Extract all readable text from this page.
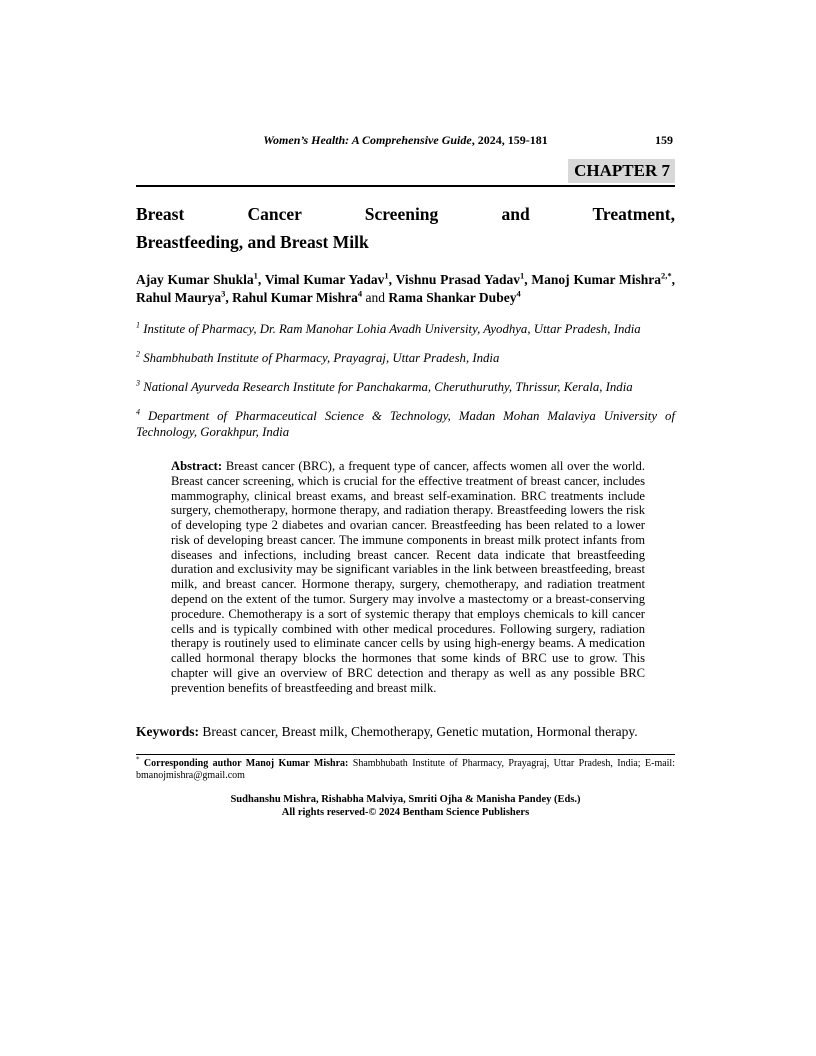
Women’s Health: A Comprehensive Guide, 2024, 159-181	159
CHAPTER 7
Breast Cancer Screening and Treatment,
Breastfeeding, and Breast Milk

Ajay Kumar Shukla$^1$, Vimal Kumar Yadav$^1$, Vishnu Prasad Yadav$^1$, Manoj Kumar Mishra$^{2,*}$, Rahul Maurya$^3$, Rahul Kumar Mishra$^4$ and Rama Shankar Dubey$^4$

$^1$ Institute of Pharmacy, Dr. Ram Manohar Lohia Avadh University, Ayodhya, Uttar Pradesh, India

$^2$ Shambhubath Institute of Pharmacy, Prayagraj, Uttar Pradesh, India

$^3$ National Ayurveda Research Institute for Panchakarma, Cheruthuruthy, Thrissur, Kerala, India

$^4$ Department of Pharmaceutical Science & Technology, Madan Mohan Malaviya University of Technology, Gorakhpur, India

Abstract: Breast cancer (BRC), a frequent type of cancer, affects women all over the world. Breast cancer screening, which is crucial for the effective treatment of breast cancer, includes mammography, clinical breast exams, and breast self-examination. BRC treatments include surgery, chemotherapy, hormone therapy, and radiation therapy. Breastfeeding lowers the risk of developing type 2 diabetes and ovarian cancer. Breastfeeding has been related to a lower risk of developing breast cancer. The immune components in breast milk protect infants from diseases and infections, including breast cancer. Recent data indicate that breastfeeding duration and exclusivity may be significant variables in the link between breastfeeding, breast milk, and breast cancer. Hormone therapy, surgery, chemotherapy, and radiation treatment depend on the extent of the tumor. Surgery may involve a mastectomy or a breast-conserving procedure. Chemotherapy is a sort of systemic therapy that employs chemicals to kill cancer cells and is typically combined with other medical procedures. Following surgery, radiation therapy is routinely used to eliminate cancer cells by using high-energy beams. A medication called hormonal therapy blocks the hormones that some kinds of BRC use to grow. This chapter will give an overview of BRC detection and therapy as well as any possible BRC prevention benefits of breastfeeding and breast milk.

Keywords: Breast cancer, Breast milk, Chemotherapy, Genetic mutation, Hormonal therapy.

* Corresponding author Manoj Kumar Mishra: Shambhubath Institute of Pharmacy, Prayagraj, Uttar Pradesh, India; E-mail: bmanojmishra@gmail.com

Sudhanshu Mishra, Rishabha Malviya, Smriti Ojha & Manisha Pandey (Eds.)
All rights reserved-© 2024 Bentham Science Publishers
